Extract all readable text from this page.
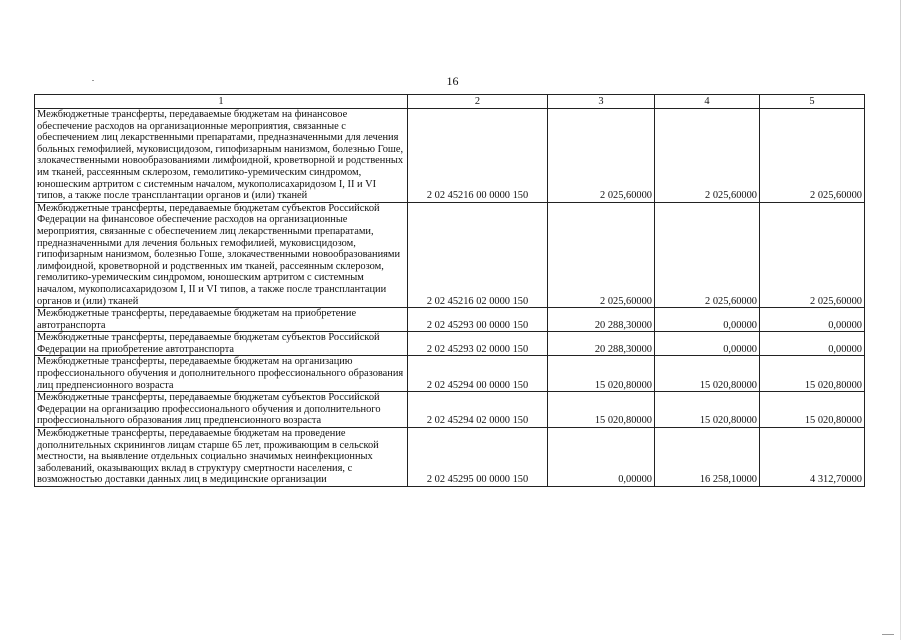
16
1	2	3	4	5
Межбюджетные трансферты, передаваемые бюджетам на финансовое обеспечение расходов на организационные мероприятия, связанные с обеспечением лиц лекарственными препаратами, предназначенными для лечения больных гемофилией, муковисцидозом, гипофизарным нанизмом, болезнью Гоше, злокачественными новообразованиями лимфоидной, кроветворной и родственных им тканей, рассеянным склерозом, гемолитико-уремическим синдромом, юношеским артритом с системным началом, мукополисахаридозом I, II и VI типов, а также после трансплантации органов и (или) тканей	2 02 45216 00 0000 150	2 025,60000	2 025,60000	2 025,60000
Межбюджетные трансферты, передаваемые бюджетам субъектов Российской Федерации на финансовое обеспечение расходов на организационные мероприятия, связанные с обеспечением лиц лекарственными препаратами, предназначенными для лечения больных гемофилией, муковисцидозом, гипофизарным нанизмом, болезнью Гоше, злокачественными новообразованиями лимфоидной, кроветворной и родственных им тканей, рассеянным склерозом, гемолитико-уремическим синдромом, юношеским артритом с системным началом, мукополисахаридозом I, II и VI типов, а также после трансплантации органов и (или) тканей	2 02 45216 02 0000 150	2 025,60000	2 025,60000	2 025,60000
Межбюджетные трансферты, передаваемые бюджетам на приобретение автотранспорта	2 02 45293 00 0000 150	20 288,30000	0,00000	0,00000
Межбюджетные трансферты, передаваемые бюджетам субъектов Российской Федерации на приобретение автотранспорта	2 02 45293 02 0000 150	20 288,30000	0,00000	0,00000
Межбюджетные трансферты, передаваемые бюджетам на организацию профессионального обучения и дополнительного профессионального образования лиц предпенсионного возраста	2 02 45294 00 0000 150	15 020,80000	15 020,80000	15 020,80000
Межбюджетные трансферты, передаваемые бюджетам субъектов Российской Федерации на организацию профессионального обучения и дополнительного профессионального образования лиц предпенсионного возраста	2 02 45294 02 0000 150	15 020,80000	15 020,80000	15 020,80000
Межбюджетные трансферты, передаваемые бюджетам на проведение дополнительных скринингов лицам старше 65 лет, проживающим в сельской местности, на выявление отдельных социально значимых неинфекционных заболеваний, оказывающих вклад в структуру смертности населения, с возможностью доставки данных лиц в медицинские организации	2 02 45295 00 0000 150	0,00000	16 258,10000	4 312,70000
